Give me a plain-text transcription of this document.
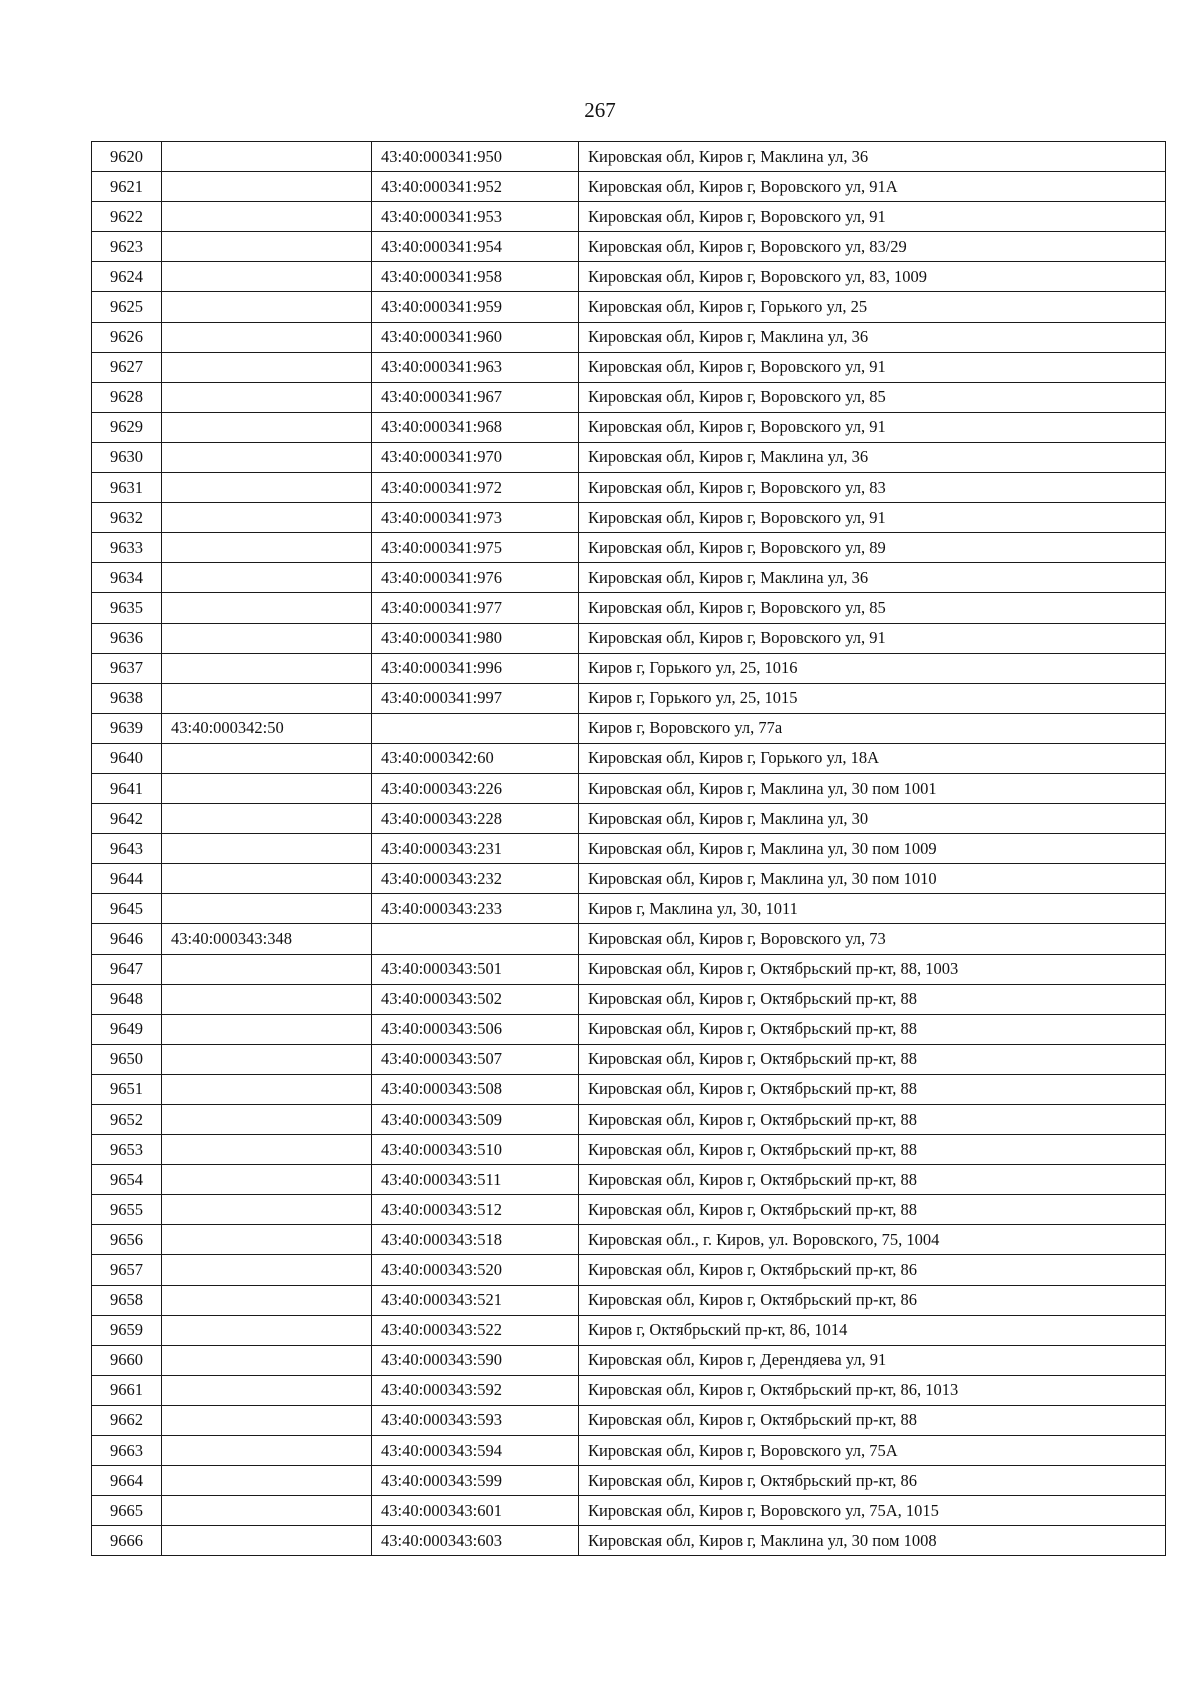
267
9620		43:40:000341:950	Кировская обл, Киров г, Маклина ул, 36
9621		43:40:000341:952	Кировская обл, Киров г, Воровского ул, 91А
9622		43:40:000341:953	Кировская обл, Киров г, Воровского ул, 91
9623		43:40:000341:954	Кировская обл, Киров г, Воровского ул, 83/29
9624		43:40:000341:958	Кировская обл, Киров г, Воровского ул, 83, 1009
9625		43:40:000341:959	Кировская обл, Киров г, Горького ул, 25
9626		43:40:000341:960	Кировская обл, Киров г, Маклина ул, 36
9627		43:40:000341:963	Кировская обл, Киров г, Воровского ул, 91
9628		43:40:000341:967	Кировская обл, Киров г, Воровского ул, 85
9629		43:40:000341:968	Кировская обл, Киров г, Воровского ул, 91
9630		43:40:000341:970	Кировская обл, Киров г, Маклина ул, 36
9631		43:40:000341:972	Кировская обл, Киров г, Воровского ул, 83
9632		43:40:000341:973	Кировская обл, Киров г, Воровского ул, 91
9633		43:40:000341:975	Кировская обл, Киров г, Воровского ул, 89
9634		43:40:000341:976	Кировская обл, Киров г, Маклина ул, 36
9635		43:40:000341:977	Кировская обл, Киров г, Воровского ул, 85
9636		43:40:000341:980	Кировская обл, Киров г, Воровского ул, 91
9637		43:40:000341:996	Киров г, Горького ул, 25, 1016
9638		43:40:000341:997	Киров г, Горького ул, 25, 1015
9639	43:40:000342:50		Киров г, Воровского ул, 77а
9640		43:40:000342:60	Кировская обл, Киров г, Горького ул, 18А
9641		43:40:000343:226	Кировская обл, Киров г, Маклина ул, 30 пом 1001
9642		43:40:000343:228	Кировская обл, Киров г, Маклина ул, 30
9643		43:40:000343:231	Кировская обл, Киров г, Маклина ул, 30 пом 1009
9644		43:40:000343:232	Кировская обл, Киров г, Маклина ул, 30 пом 1010
9645		43:40:000343:233	Киров г, Маклина ул, 30, 1011
9646	43:40:000343:348		Кировская обл, Киров г, Воровского ул, 73
9647		43:40:000343:501	Кировская обл, Киров г, Октябрьский пр-кт, 88, 1003
9648		43:40:000343:502	Кировская обл, Киров г, Октябрьский пр-кт, 88
9649		43:40:000343:506	Кировская обл, Киров г, Октябрьский пр-кт, 88
9650		43:40:000343:507	Кировская обл, Киров г, Октябрьский пр-кт, 88
9651		43:40:000343:508	Кировская обл, Киров г, Октябрьский пр-кт, 88
9652		43:40:000343:509	Кировская обл, Киров г, Октябрьский пр-кт, 88
9653		43:40:000343:510	Кировская обл, Киров г, Октябрьский пр-кт, 88
9654		43:40:000343:511	Кировская обл, Киров г, Октябрьский пр-кт, 88
9655		43:40:000343:512	Кировская обл, Киров г, Октябрьский пр-кт, 88
9656		43:40:000343:518	Кировская обл., г. Киров, ул. Воровского, 75, 1004
9657		43:40:000343:520	Кировская обл, Киров г, Октябрьский пр-кт, 86
9658		43:40:000343:521	Кировская обл, Киров г, Октябрьский пр-кт, 86
9659		43:40:000343:522	Киров г, Октябрьский пр-кт, 86, 1014
9660		43:40:000343:590	Кировская обл, Киров г, Дерендяева ул, 91
9661		43:40:000343:592	Кировская обл, Киров г, Октябрьский пр-кт, 86, 1013
9662		43:40:000343:593	Кировская обл, Киров г, Октябрьский пр-кт, 88
9663		43:40:000343:594	Кировская обл, Киров г, Воровского ул, 75А
9664		43:40:000343:599	Кировская обл, Киров г, Октябрьский пр-кт, 86
9665		43:40:000343:601	Кировская обл, Киров г, Воровского ул, 75А, 1015
9666		43:40:000343:603	Кировская обл, Киров г, Маклина ул, 30 пом 1008
